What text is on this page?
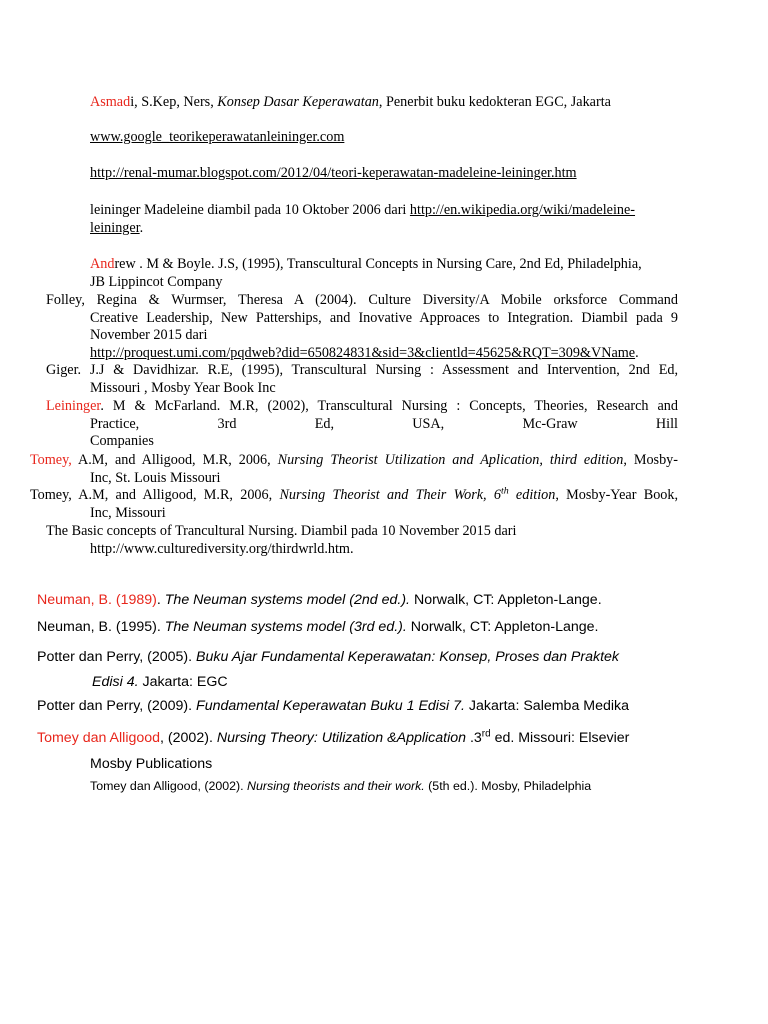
Asmadi, S.Kep, Ners, Konsep Dasar Keperawatan, Penerbit buku kedokteran EGC, Jakarta

www.google_teorikeperawatanleininger.com

http://renal-mumar.blogspot.com/2012/04/teori-keperawatan-madeleine-leininger.htm

leininger Madeleine diambil pada 10 Oktober 2006 dari http://en.wikipedia.org/wiki/madeleine-
leininger.

Andrew . M & Boyle. J.S, (1995), Transcultural Concepts in Nursing Care, 2nd Ed, Philadelphia,
JB Lippincot Company

Folley, Regina & Wurmser, Theresa A (2004). Culture Diversity/A Mobile orksforce Command
Creative Leadership, New Patterships, and Inovative Approaces to Integration. Diambil pada 9
November 2015 dari
http://proquest.umi.com/pqdweb?did=650824831&sid=3&clientld=45625&RQT=309&VName.
Giger. J.J & Davidhizar. R.E, (1995), Transcultural Nursing : Assessment and Intervention, 2nd Ed,
Missouri , Mosby Year Book Inc
Leininger. M & McFarland. M.R, (2002), Transcultural Nursing : Concepts, Theories, Research and
Practice, 3rd Ed, USA, Mc-Graw Hill
Companies
Tomey, A.M, and Alligood, M.R, 2006, Nursing Theorist Utilization and Aplication, third edition, Mosby-
Inc, St. Louis Missouri
Tomey, A.M, and Alligood, M.R, 2006, Nursing Theorist and Their Work, 6th edition, Mosby-Year Book,
Inc, Missouri
The Basic concepts of Trancultural Nursing. Diambil pada 10 November 2015 dari
http://www.culturediversity.org/thirdwrld.htm.

Neuman, B. (1989). The Neuman systems model (2nd ed.). Norwalk, CT: Appleton-Lange.

Neuman, B. (1995). The Neuman systems model (3rd ed.). Norwalk, CT: Appleton-Lange.

Potter dan Perry, (2005). Buku Ajar Fundamental Keperawatan: Konsep, Proses dan Praktek
Edisi 4. Jakarta: EGC

Potter dan Perry, (2009). Fundamental Keperawatan Buku 1 Edisi 7. Jakarta: Salemba Medika

Tomey dan Alligood, (2002). Nursing Theory: Utilization &Application .3rd ed. Missouri: Elsevier
Mosby Publications

Tomey dan Alligood, (2002). Nursing theorists and their work. (5th ed.). Mosby, Philadelphia
